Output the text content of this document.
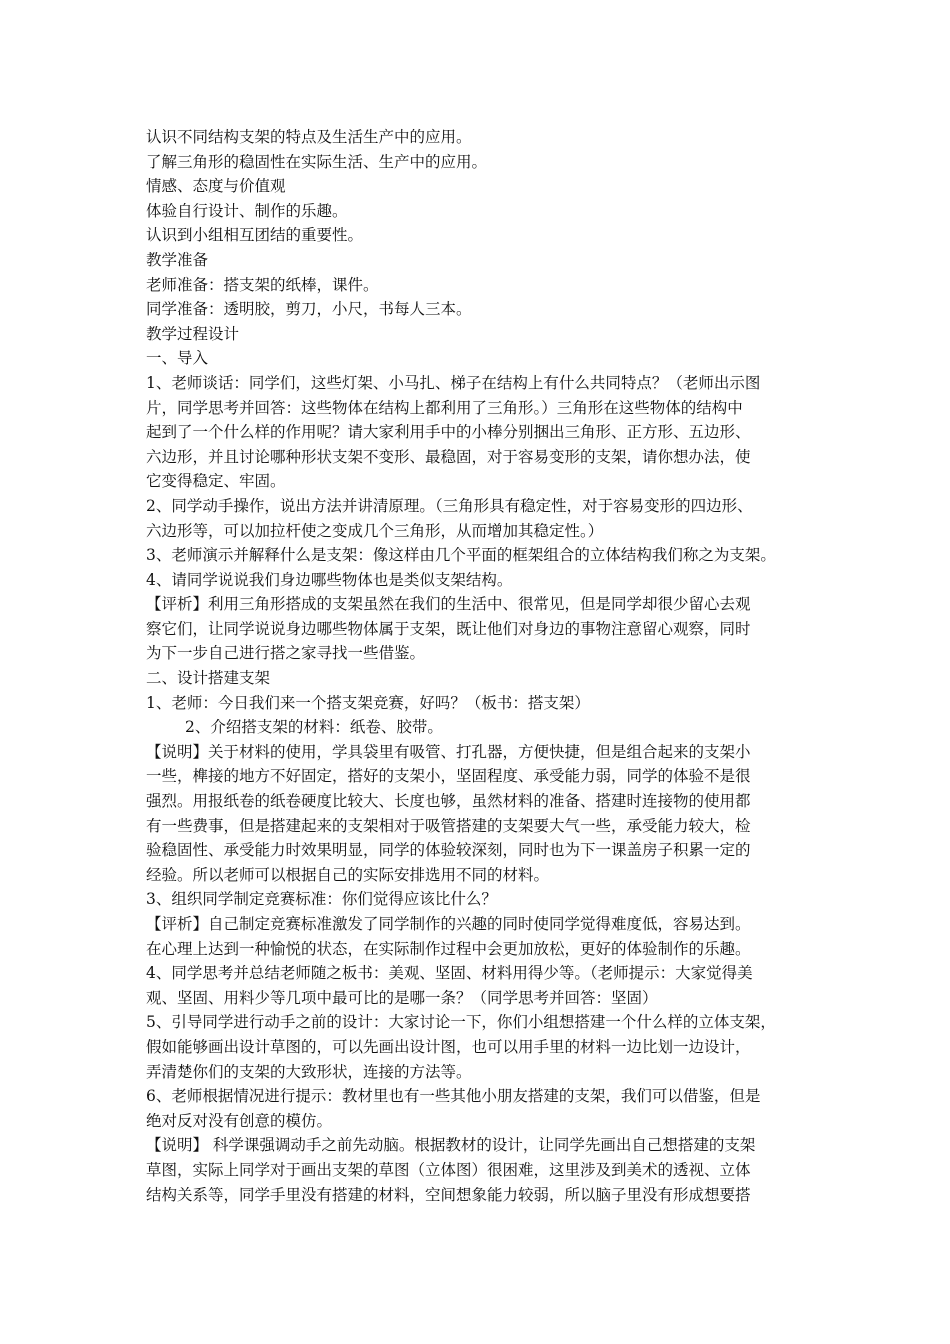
认识不同结构支架的特点及生活生产中的应用。
了解三角形的稳固性在实际生活、生产中的应用。
情感、态度与价值观
体验自行设计、制作的乐趣。
认识到小组相互团结的重要性。
教学准备
老师准备：搭支架的纸棒，课件。
同学准备：透明胶，剪刀，小尺，书每人三本。
教学过程设计
一、导入
1、老师谈话：同学们，这些灯架、小马扎、梯子在结构上有什么共同特点？（老师出示图
片，同学思考并回答：这些物体在结构上都利用了三角形。）三角形在这些物体的结构中
起到了一个什么样的作用呢？请大家利用手中的小棒分别捆出三角形、正方形、五边形、
六边形，并且讨论哪种形状支架不变形、最稳固，对于容易变形的支架，请你想办法，使
它变得稳定、牢固。
2、同学动手操作，说出方法并讲清原理。（三角形具有稳定性，对于容易变形的四边形、
六边形等，可以加拉杆使之变成几个三角形，从而增加其稳定性。）
3、老师演示并解释什么是支架：像这样由几个平面的框架组合的立体结构我们称之为支架。
4、请同学说说我们身边哪些物体也是类似支架结构。
【评析】利用三角形搭成的支架虽然在我们的生活中、很常见，但是同学却很少留心去观
察它们，让同学说说身边哪些物体属于支架，既让他们对身边的事物注意留心观察，同时
为下一步自己进行搭之家寻找一些借鉴。
二、设计搭建支架
1、老师：今日我们来一个搭支架竞赛，好吗？（板书：搭支架）
2、介绍搭支架的材料：纸卷、胶带。
【说明】关于材料的使用，学具袋里有吸管、打孔器，方便快捷，但是组合起来的支架小
一些，榫接的地方不好固定，搭好的支架小，坚固程度、承受能力弱，同学的体验不是很
强烈。用报纸卷的纸卷硬度比较大、长度也够，虽然材料的准备、搭建时连接物的使用都
有一些费事，但是搭建起来的支架相对于吸管搭建的支架要大气一些，承受能力较大，检
验稳固性、承受能力时效果明显，同学的体验较深刻，同时也为下一课盖房子积累一定的
经验。所以老师可以根据自己的实际安排选用不同的材料。
3、组织同学制定竞赛标准：你们觉得应该比什么？
【评析】自己制定竞赛标准激发了同学制作的兴趣的同时使同学觉得难度低，容易达到。
在心理上达到一种愉悦的状态，在实际制作过程中会更加放松，更好的体验制作的乐趣。
4、同学思考并总结老师随之板书：美观、坚固、材料用得少等。（老师提示：大家觉得美
观、坚固、用料少等几项中最可比的是哪一条？（同学思考并回答：坚固）
5、引导同学进行动手之前的设计：大家讨论一下，你们小组想搭建一个什么样的立体支架，
假如能够画出设计草图的，可以先画出设计图，也可以用手里的材料一边比划一边设计，
弄清楚你们的支架的大致形状，连接的方法等。
6、老师根据情况进行提示：教材里也有一些其他小朋友搭建的支架，我们可以借鉴，但是
绝对反对没有创意的模仿。
【说明】 科学课强调动手之前先动脑。根据教材的设计，让同学先画出自己想搭建的支架
草图，实际上同学对于画出支架的草图（立体图）很困难，这里涉及到美术的透视、立体
结构关系等，同学手里没有搭建的材料，空间想象能力较弱，所以脑子里没有形成想要搭
